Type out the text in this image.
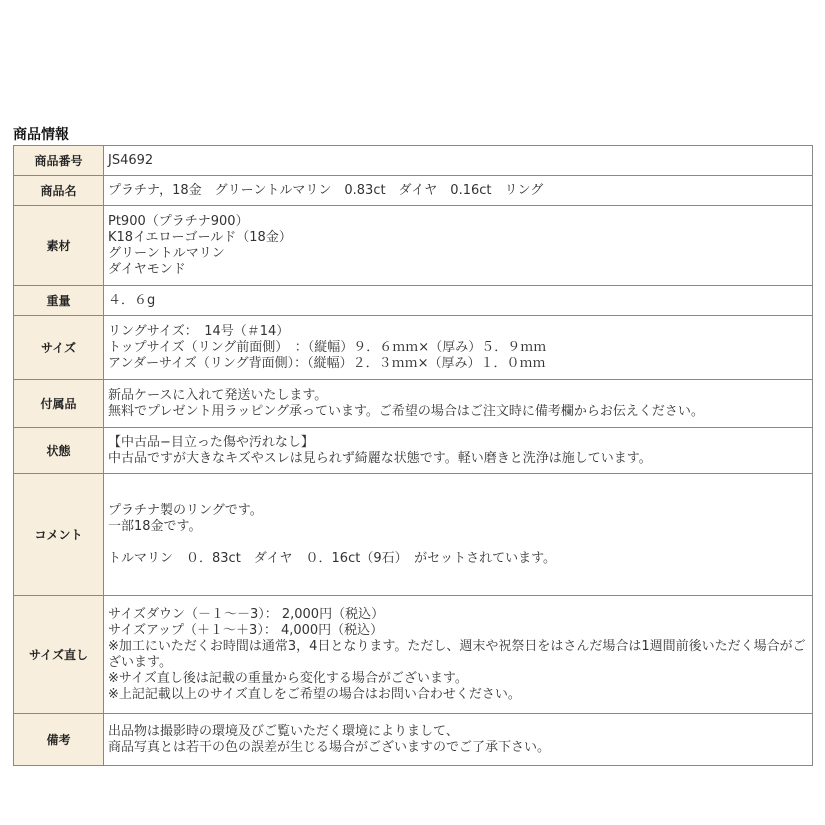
商品情報
商品番号	JS4692

商品名	プラチナ，18金　グリーントルマリン　0.83ct　ダイヤ　0.16ct　リング

素材	Pt900（プラチナ900）
K18イエローゴールド（18金）
グリーントルマリン
ダイヤモンド

重量	４．６g

サイズ	リングサイズ：　14号（＃14）
トップサイズ（リング前面側）　：（縦幅）９．６ｍｍ×（厚み）５．９ｍｍ
アンダーサイズ（リング背面側）：（縦幅）２．３ｍｍ×（厚み）１．０ｍｍ

付属品	新品ケースに入れて発送いたします。
無料でプレゼント用ラッピング承っています。ご希望の場合はご注文時に備考欄からお伝えください。

状態	【中古品−目立った傷や汚れなし】
中古品ですが大きなキズやスレは見られず綺麗な状態です。軽い磨きと洗浄は施しています。

コメント	プラチナ製のリングです。
一部18金です。
トルマリン　０．83ct　ダイヤ　０．16ct（9石）　がセットされています。

サイズ直し	サイズダウン（－１～－3）： 2,000円（税込）
サイズアップ（＋１～＋3）： 4,000円（税込）
※加工にいただくお時間は通常3，4日となります。ただし、週末や祝祭日をはさんだ場合は1週間前後いただく場合がございます。
※サイズ直し後は記載の重量から変化する場合がございます。
※上記記載以上のサイズ直しをご希望の場合はお問い合わせください。

備考	出品物は撮影時の環境及びご覧いただく環境によりまして、
商品写真とは若干の色の誤差が生じる場合がございますのでご了承下さい。
